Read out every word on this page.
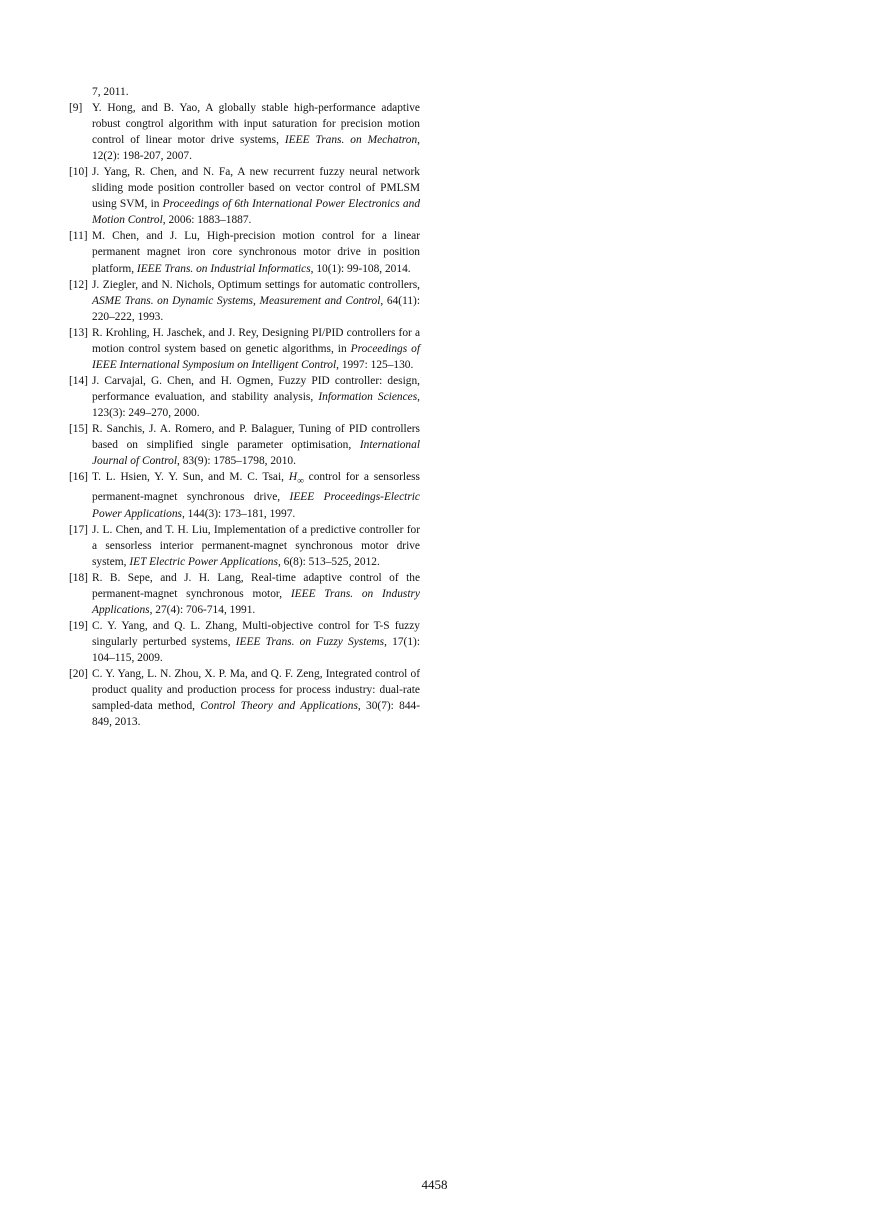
7, 2011.
[9] Y. Hong, and B. Yao, A globally stable high-performance adaptive robust congtrol algorithm with input saturation for precision motion control of linear motor drive systems, IEEE Trans. on Mechatron, 12(2): 198-207, 2007.
[10] J. Yang, R. Chen, and N. Fa, A new recurrent fuzzy neural network sliding mode position controller based on vector control of PMLSM using SVM, in Proceedings of 6th International Power Electronics and Motion Control, 2006: 1883–1887.
[11] M. Chen, and J. Lu, High-precision motion control for a linear permanent magnet iron core synchronous motor drive in position platform, IEEE Trans. on Industrial Informatics, 10(1): 99-108, 2014.
[12] J. Ziegler, and N. Nichols, Optimum settings for automatic controllers, ASME Trans. on Dynamic Systems, Measurement and Control, 64(11): 220–222, 1993.
[13] R. Krohling, H. Jaschek, and J. Rey, Designing PI/PID controllers for a motion control system based on genetic algorithms, in Proceedings of IEEE International Symposium on Intelligent Control, 1997: 125–130.
[14] J. Carvajal, G. Chen, and H. Ogmen, Fuzzy PID controller: design, performance evaluation, and stability analysis, Information Sciences, 123(3): 249–270, 2000.
[15] R. Sanchis, J. A. Romero, and P. Balaguer, Tuning of PID controllers based on simplified single parameter optimisation, International Journal of Control, 83(9): 1785–1798, 2010.
[16] T. L. Hsien, Y. Y. Sun, and M. C. Tsai, $H_\infty$ control for a sensorless permanent-magnet synchronous drive, IEEE Proceedings-Electric Power Applications, 144(3): 173–181, 1997.
[17] J. L. Chen, and T. H. Liu, Implementation of a predictive controller for a sensorless interior permanent-magnet synchronous motor drive system, IET Electric Power Applications, 6(8): 513–525, 2012.
[18] R. B. Sepe, and J. H. Lang, Real-time adaptive control of the permanent-magnet synchronous motor, IEEE Trans. on Industry Applications, 27(4): 706-714, 1991.
[19] C. Y. Yang, and Q. L. Zhang, Multi-objective control for T-S fuzzy singularly perturbed systems, IEEE Trans. on Fuzzy Systems, 17(1): 104–115, 2009.
[20] C. Y. Yang, L. N. Zhou, X. P. Ma, and Q. F. Zeng, Integrated control of product quality and production process for process industry: dual-rate sampled-data method, Control Theory and Applications, 30(7): 844-849, 2013.
4458
